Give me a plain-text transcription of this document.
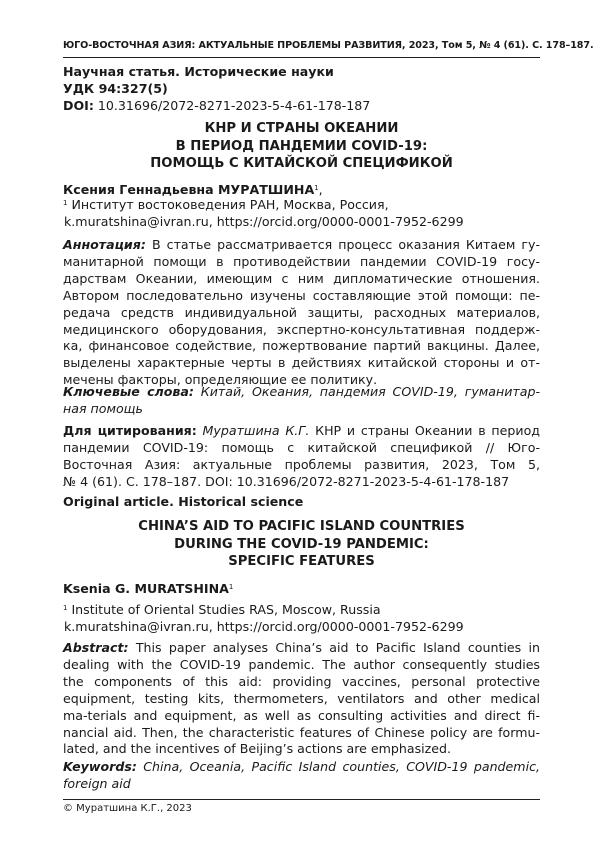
ЮГО-ВОСТОЧНАЯ АЗИЯ: АКТУАЛЬНЫЕ ПРОБЛЕМЫ РАЗВИТИЯ, 2023, Том 5, № 4 (61). С. 178–187.
Научная статья. Исторические науки
УДК 94:327(5)
DOI: 10.31696/2072-8271-2023-5-4-61-178-187
КНР И СТРАНЫ ОКЕАНИИ
В ПЕРИОД ПАНДЕМИИ COVID-19:
ПОМОЩЬ С КИТАЙСКОЙ СПЕЦИФИКОЙ
Ксения Геннадьевна МУРАТШИНА$^1$,
$^1$ Институт востоковедения РАН, Москва, Россия,
k.muratshina@ivran.ru, https://orcid.org/0000-0001-7952-6299
Аннотация: В статье рассматривается процесс оказания Китаем гу-
манитарной помощи в противодействии пандемии COVID-19 госу-
дарствам Океании, имеющим с ним дипломатические отношения.
Автором последовательно изучены составляющие этой помощи: пе-
редача средств индивидуальной защиты, расходных материалов,
медицинского оборудования, экспертно-консультативная поддерж-
ка, финансовое содействие, пожертвование партий вакцины. Далее,
выделены характерные черты в действиях китайской стороны и от-
мечены факторы, определяющие ее политику.
Ключевые слова: Китай, Океания, пандемия COVID-19, гуманитар-
ная помощь
Для цитирования: Муратшина К.Г. КНР и страны Океании в период
пандемии COVID-19: помощь с китайской спецификой // Юго-
Восточная Азия: актуальные проблемы развития, 2023, Том 5,
№ 4 (61). С. 178–187. DOI: 10.31696/2072-8271-2023-5-4-61-178-187
Original article. Historical science
CHINA’S AID TO PACIFIC ISLAND COUNTRIES
DURING THE COVID-19 PANDEMIC:
SPECIFIC FEATURES
Ksenia G. MURATSHINA$^1$
$^1$ Institute of Oriental Studies RAS, Moscow, Russia
k.muratshina@ivran.ru, https://orcid.org/0000-0001-7952-6299
Abstract: This paper analyses China’s aid to Pacific Island counties in
dealing with the COVID-19 pandemic. The author consequently studies
the components of this aid: providing vaccines, personal protective
equipment, testing kits, thermometers, ventilators and other medical
ma-terials and equipment, as well as consulting activities and direct fi-
nancial aid. Then, the characteristic features of Chinese policy are formu-
lated, and the incentives of Beijing’s actions are emphasized.
Keywords: China, Oceania, Pacific Island counties, COVID-19 pandemic,
foreign aid
© Муратшина К.Г., 2023
